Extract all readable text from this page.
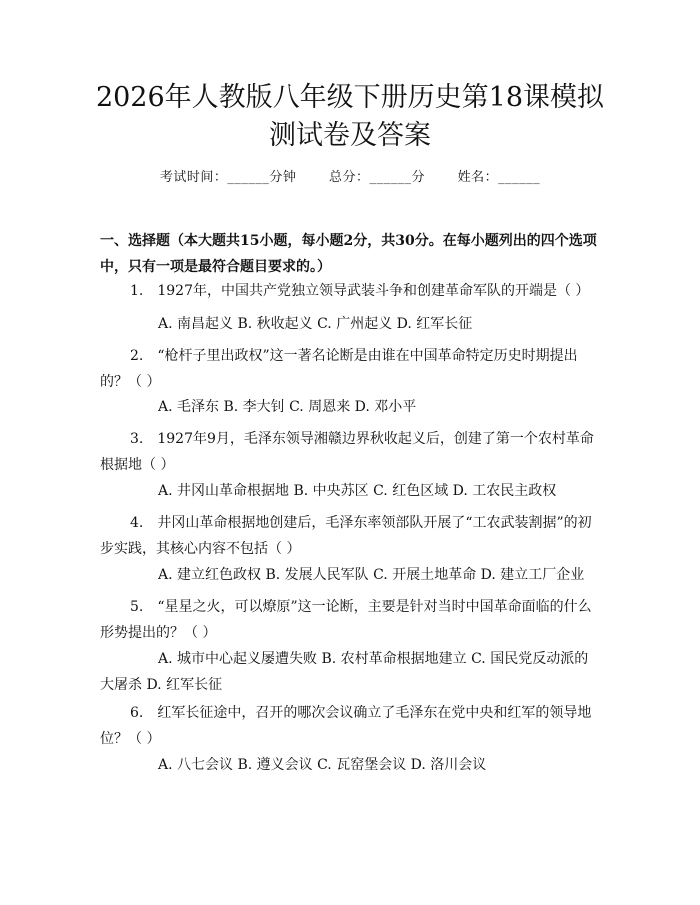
2026年人教版八年级下册历史第18课模拟
测试卷及答案
考试时间：______分钟	总分：______分	姓名：______
一、选择题（本大题共15小题，每小题2分，共30分。在每小题列出的四个选项中，只有一项是最符合题目要求的。）
1.　1927年，中国共产党独立领导武装斗争和创建革命军队的开端是（ ）
A. 南昌起义 B. 秋收起义 C. 广州起义 D. 红军长征
2.　“枪杆子里出政权”这一著名论断是由谁在中国革命特定历史时期提出的？（ ）
A. 毛泽东 B. 李大钊 C. 周恩来 D. 邓小平
3.　1927年9月，毛泽东领导湘赣边界秋收起义后，创建了第一个农村革命根据地（ ）
A. 井冈山革命根据地 B. 中央苏区 C. 红色区域 D. 工农民主政权
4.　井冈山革命根据地创建后，毛泽东率领部队开展了“工农武装割据”的初步实践，其核心内容不包括（ ）
A. 建立红色政权 B. 发展人民军队 C. 开展土地革命 D. 建立工厂企业
5.　“星星之火，可以燎原”这一论断，主要是针对当时中国革命面临的什么形势提出的？（ ）
A. 城市中心起义屡遭失败 B. 农村革命根据地建立 C. 国民党反动派的大屠杀 D. 红军长征
6.　红军长征途中，召开的哪次会议确立了毛泽东在党中央和红军的领导地位？（ ）
A. 八七会议 B. 遵义会议 C. 瓦窑堡会议 D. 洛川会议
